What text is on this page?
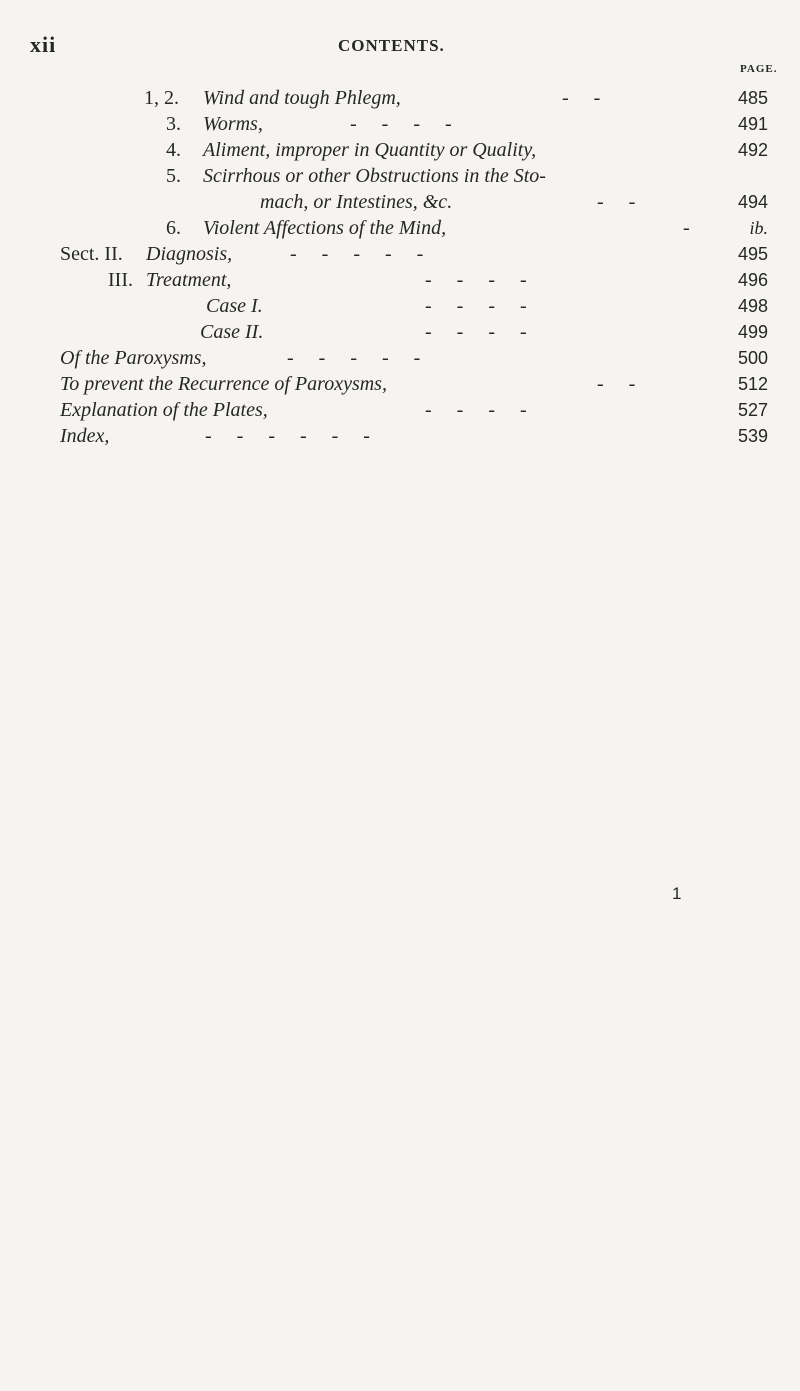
xii	CONTENTS.
PAGE.
1, 2. Wind and tough Phlegm,	-     -	485
3. Worms,	-     -     -     -	491
4. Aliment, improper in Quantity or Quality,	492
5. Scirrhous or other Obstructions in the Sto-
mach, or Intestines, &c.	-     -	494
6. Violent Affections of the Mind,	-	ib.
Sect. II. Diagnosis,	-     -     -     -     -	495
III. Treatment,	-     -     -     -	496
Case I.	-     -     -     -	498
Case II.	-     -     -     -	499
Of the Paroxysms,	-     -     -     -     -	500
To prevent the Recurrence of Paroxysms,	-     -	512
Explanation of the Plates,	-     -     -     -	527
Index,	-     -     -     -     -     -	539
1
